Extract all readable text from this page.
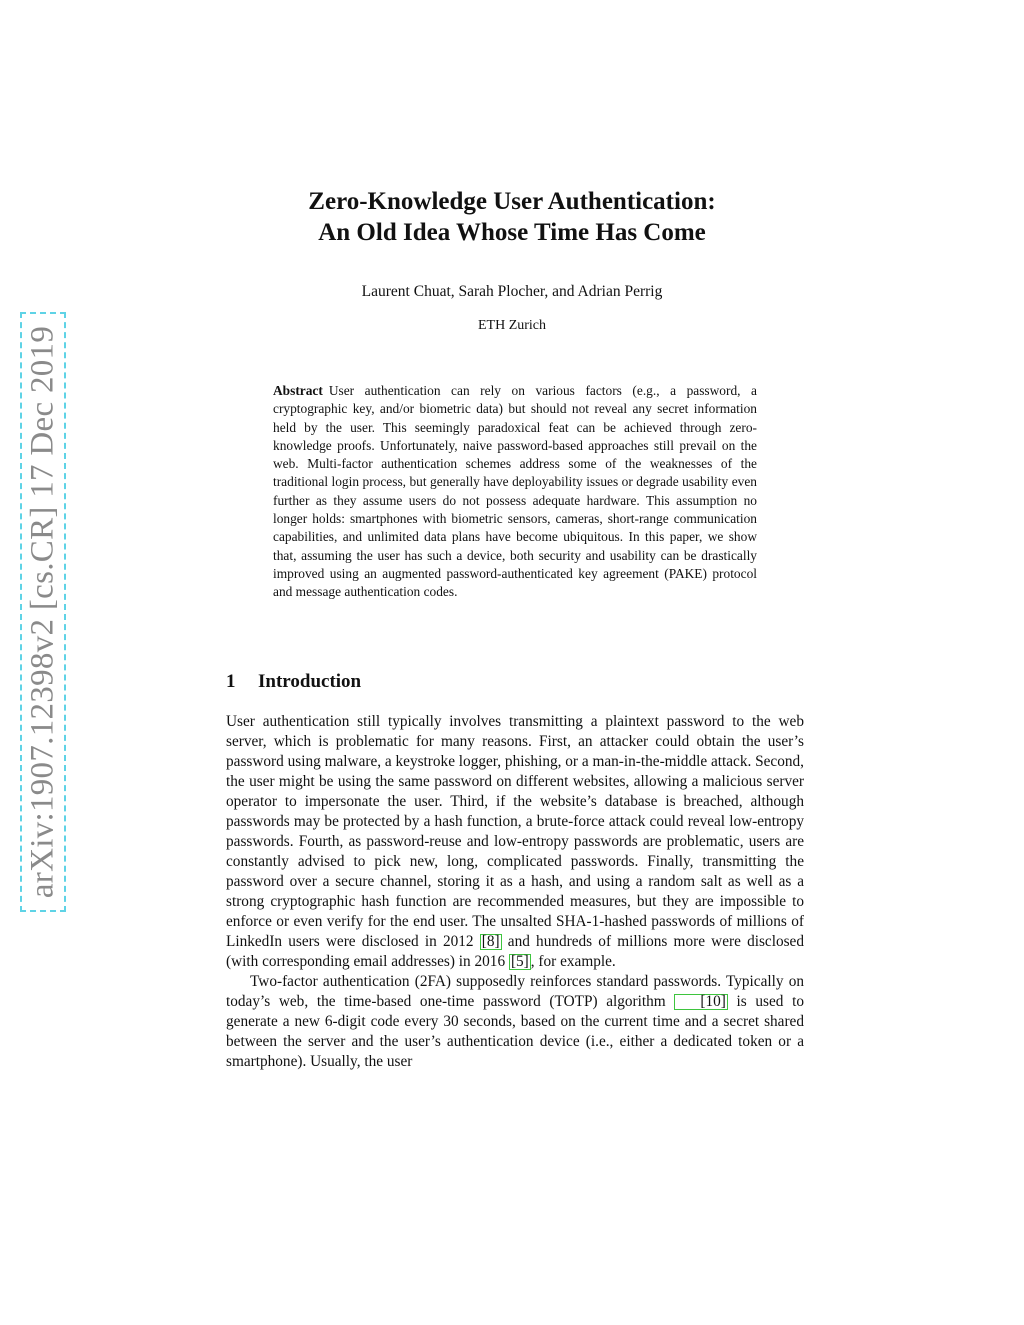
arXiv:1907.12398v2 [cs.CR] 17 Dec 2019
Zero-Knowledge User Authentication:
An Old Idea Whose Time Has Come
Laurent Chuat, Sarah Plocher, and Adrian Perrig
ETH Zurich
Abstract User authentication can rely on various factors (e.g., a password, a cryptographic key, and/or biometric data) but should not reveal any secret information held by the user. This seemingly paradoxical feat can be achieved through zero-knowledge proofs. Unfortunately, naive password-based approaches still prevail on the web. Multi-factor authentication schemes address some of the weaknesses of the traditional login process, but generally have deployability issues or degrade usability even further as they assume users do not possess adequate hardware. This assumption no longer holds: smartphones with biometric sensors, cameras, short-range communication capabilities, and unlimited data plans have become ubiquitous. In this paper, we show that, assuming the user has such a device, both security and usability can be drastically improved using an augmented password-authenticated key agreement (PAKE) protocol and message authentication codes.
1 Introduction

User authentication still typically involves transmitting a plaintext password to the web server, which is problematic for many reasons. First, an attacker could obtain the user’s password using malware, a keystroke logger, phishing, or a man-in-the-middle attack. Second, the user might be using the same password on different websites, allowing a malicious server operator to impersonate the user. Third, if the website’s database is breached, although passwords may be protected by a hash function, a brute-force attack could reveal low-entropy passwords. Fourth, as password-reuse and low-entropy passwords are problematic, users are constantly advised to pick new, long, complicated passwords. Finally, transmitting the password over a secure channel, storing it as a hash, and using a random salt as well as a strong cryptographic hash function are recommended measures, but they are impossible to enforce or even verify for the end user. The unsalted SHA-1-hashed passwords of millions of LinkedIn users were disclosed in 2012 [8] and hundreds of millions more were disclosed (with corresponding email addresses) in 2016 [5] , for example.

Two-factor authentication (2FA) supposedly reinforces standard passwords. Typically on today’s web, the time-based one-time password (TOTP) algorithm [10] is used to generate a new 6-digit code every 30 seconds, based on the current time and a secret shared between the server and the user’s authentication device (i.e., either a dedicated token or a smartphone). Usually, the user
